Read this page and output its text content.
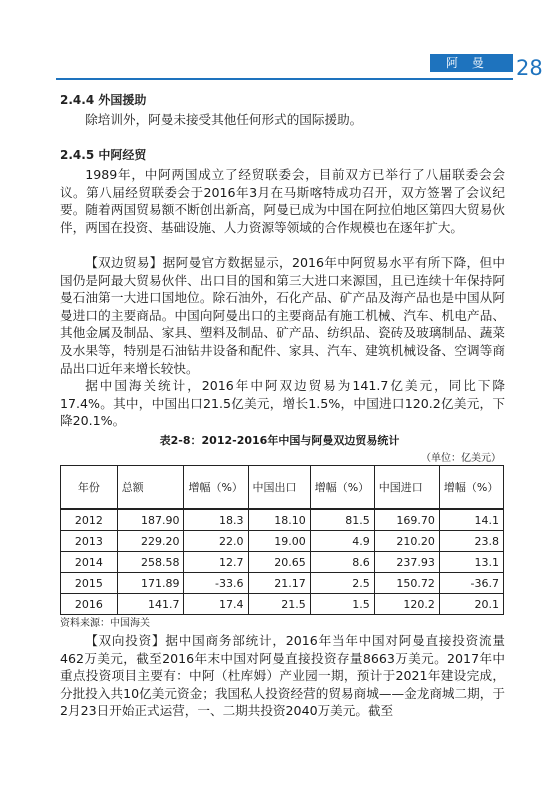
阿 曼 28
2.4.4 外国援助

除培训外，阿曼未接受其他任何形式的国际援助。

2.4.5 中阿经贸

1989年，中阿两国成立了经贸联委会，目前双方已举行了八届联委会会议。第八届经贸联委会于2016年3月在马斯喀特成功召开，双方签署了会议纪要。随着两国贸易额不断创出新高，阿曼已成为中国在阿拉伯地区第四大贸易伙伴，两国在投资、基础设施、人力资源等领域的合作规模也在逐年扩大。

【双边贸易】据阿曼官方数据显示，2016年中阿贸易水平有所下降，但中国仍是阿最大贸易伙伴、出口目的国和第三大进口来源国，且已连续十年保持阿曼石油第一大进口国地位。除石油外，石化产品、矿产品及海产品也是中国从阿曼进口的主要商品。中国向阿曼出口的主要商品有施工机械、汽车、机电产品、其他金属及制品、家具、塑料及制品、矿产品、纺织品、瓷砖及玻璃制品、蔬菜及水果等，特别是石油钻井设备和配件、家具、汽车、建筑机械设备、空调等商品出口近年来增长较快。

据中国海关统计，2016年中阿双边贸易为141.7亿美元，同比下降17.4%。其中，中国出口21.5亿美元，增长1.5%，中国进口120.2亿美元，下降20.1%。

表2-8：2012-2016年中国与阿曼双边贸易统计
（单位：亿美元）
年份	总额	增幅（%）	中国出口	增幅（%）	中国进口	增幅（%）
2012	187.90	18.3	18.10	81.5	169.70	14.1
2013	229.20	22.0	19.00	4.9	210.20	23.8
2014	258.58	12.7	20.65	8.6	237.93	13.1
2015	171.89	-33.6	21.17	2.5	150.72	-36.7
2016	141.7	17.4	21.5	1.5	120.2	20.1
资料来源：中国海关

【双向投资】据中国商务部统计，2016年当年中国对阿曼直接投资流量462万美元，截至2016年末中国对阿曼直接投资存量8663万美元。2017年中重点投资项目主要有：中阿（杜库姆）产业园一期，预计于2021年建设完成，分批投入共10亿美元资金；我国私人投资经营的贸易商城——金龙商城二期，于2月23日开始正式运营，一、二期共投资2040万美元。截至
